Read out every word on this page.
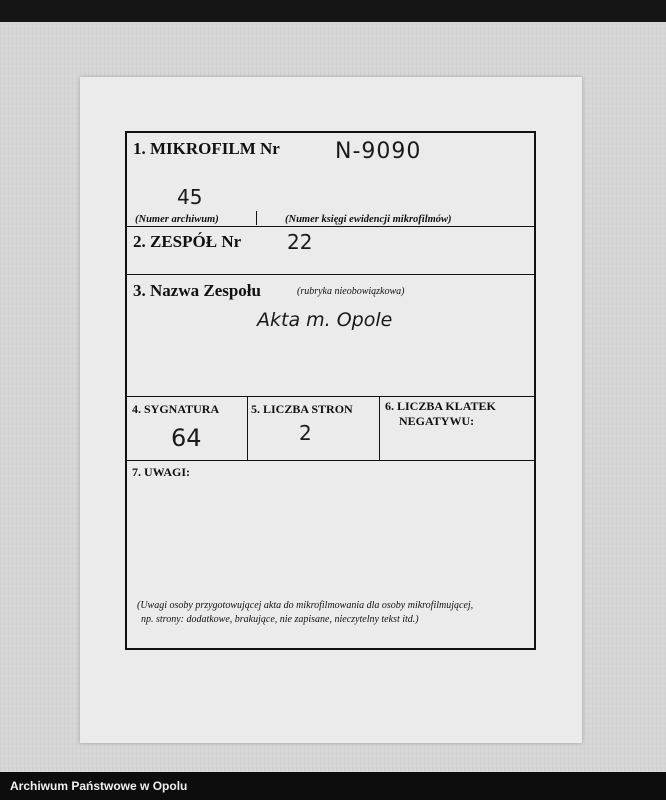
1. MIKROFILM Nr	N-9090
45
(Numer archiwum)	(Numer księgi ewidencji mikrofilmów)
2. ZESPÓŁ Nr 22
3. Nazwa Zespołu	(rubryka nieobowiązkowa)
Akta m. Opole
4. SYGNATURA
64
5. LICZBA STRON
2
6. LICZBA KLATEK
NEGATYWU:
7. UWAGI:
(Uwagi osoby przygotowującej akta do mikrofilmowania dla osoby mikrofilmującej,
np. strony: dodatkowe, brakujące, nie zapisane, nieczytelny tekst itd.)
Archiwum Państwowe w Opolu
